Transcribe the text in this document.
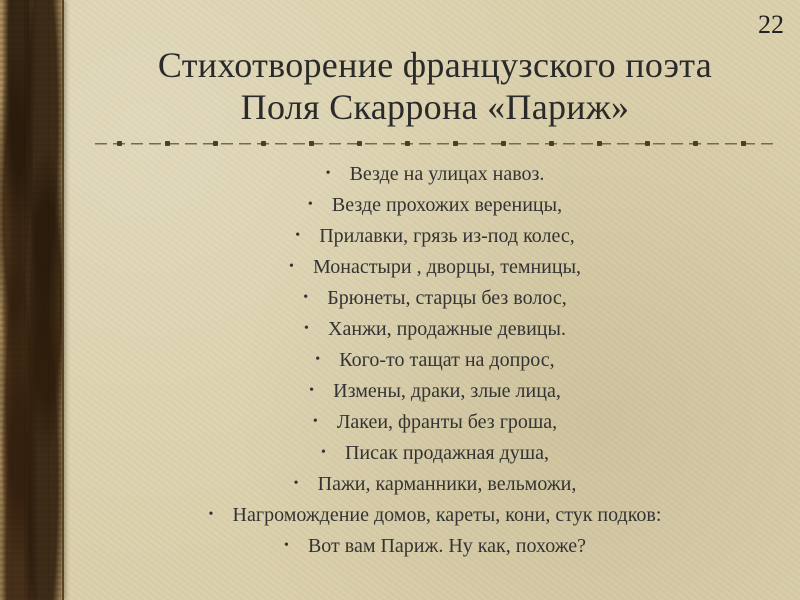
22
Стихотворение французского поэта
Поля Скаррона «Париж»
• Везде на улицах навоз.
• Везде прохожих вереницы,
• Прилавки, грязь из-под колес,
• Монастыри , дворцы, темницы,
• Брюнеты, старцы без волос,
• Ханжи, продажные девицы.
• Кого-то тащат на допрос,
• Измены, драки, злые лица,
• Лакеи, франты без гроша,
• Писак продажная душа,
• Пажи, карманники, вельможи,
• Нагромождение домов, кареты, кони, стук подков:
• Вот вам Париж. Ну как, похоже?
